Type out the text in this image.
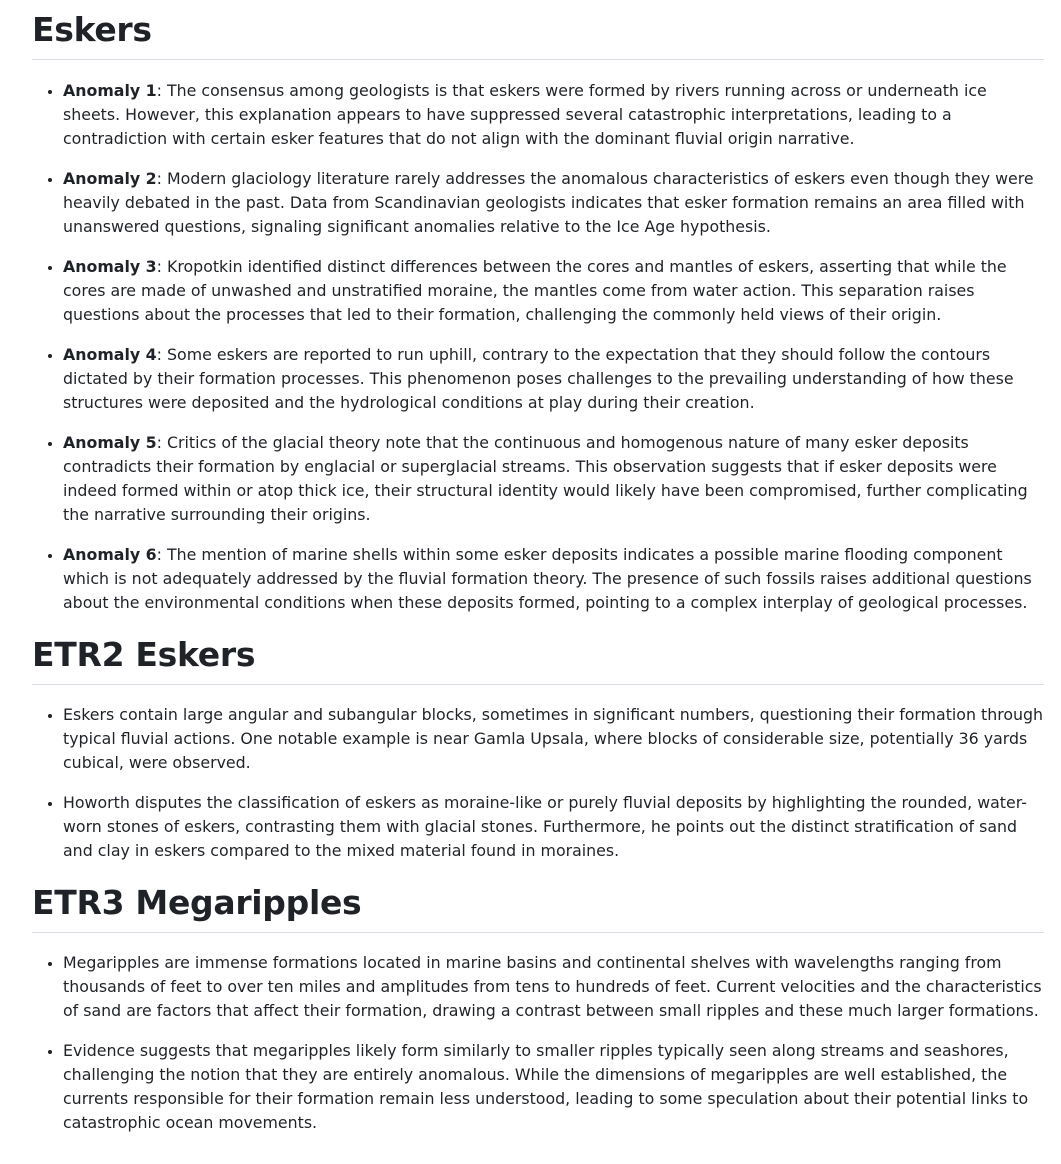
Eskers
• Anomaly 1: The consensus among geologists is that eskers were formed by rivers running across or underneath ice sheets. However, this explanation appears to have suppressed several catastrophic interpretations, leading to a contradiction with certain esker features that do not align with the dominant fluvial origin narrative.
• Anomaly 2: Modern glaciology literature rarely addresses the anomalous characteristics of eskers even though they were heavily debated in the past. Data from Scandinavian geologists indicates that esker formation remains an area filled with unanswered questions, signaling significant anomalies relative to the Ice Age hypothesis.
• Anomaly 3: Kropotkin identified distinct differences between the cores and mantles of eskers, asserting that while the cores are made of unwashed and unstratified moraine, the mantles come from water action. This separation raises questions about the processes that led to their formation, challenging the commonly held views of their origin.
• Anomaly 4: Some eskers are reported to run uphill, contrary to the expectation that they should follow the contours dictated by their formation processes. This phenomenon poses challenges to the prevailing understanding of how these structures were deposited and the hydrological conditions at play during their creation.
• Anomaly 5: Critics of the glacial theory note that the continuous and homogenous nature of many esker deposits contradicts their formation by englacial or superglacial streams. This observation suggests that if esker deposits were indeed formed within or atop thick ice, their structural identity would likely have been compromised, further complicating the narrative surrounding their origins.
• Anomaly 6: The mention of marine shells within some esker deposits indicates a possible marine flooding component which is not adequately addressed by the fluvial formation theory. The presence of such fossils raises additional questions about the environmental conditions when these deposits formed, pointing to a complex interplay of geological processes.
ETR2 Eskers
• Eskers contain large angular and subangular blocks, sometimes in significant numbers, questioning their formation through typical fluvial actions. One notable example is near Gamla Upsala, where blocks of considerable size, potentially 36 yards cubical, were observed.
• Howorth disputes the classification of eskers as moraine-like or purely fluvial deposits by highlighting the rounded, water-worn stones of eskers, contrasting them with glacial stones. Furthermore, he points out the distinct stratification of sand and clay in eskers compared to the mixed material found in moraines.
ETR3 Megaripples
• Megaripples are immense formations located in marine basins and continental shelves with wavelengths ranging from thousands of feet to over ten miles and amplitudes from tens to hundreds of feet. Current velocities and the characteristics of sand are factors that affect their formation, drawing a contrast between small ripples and these much larger formations.
• Evidence suggests that megaripples likely form similarly to smaller ripples typically seen along streams and seashores, challenging the notion that they are entirely anomalous. While the dimensions of megaripples are well established, the currents responsible for their formation remain less understood, leading to some speculation about their potential links to catastrophic ocean movements.
